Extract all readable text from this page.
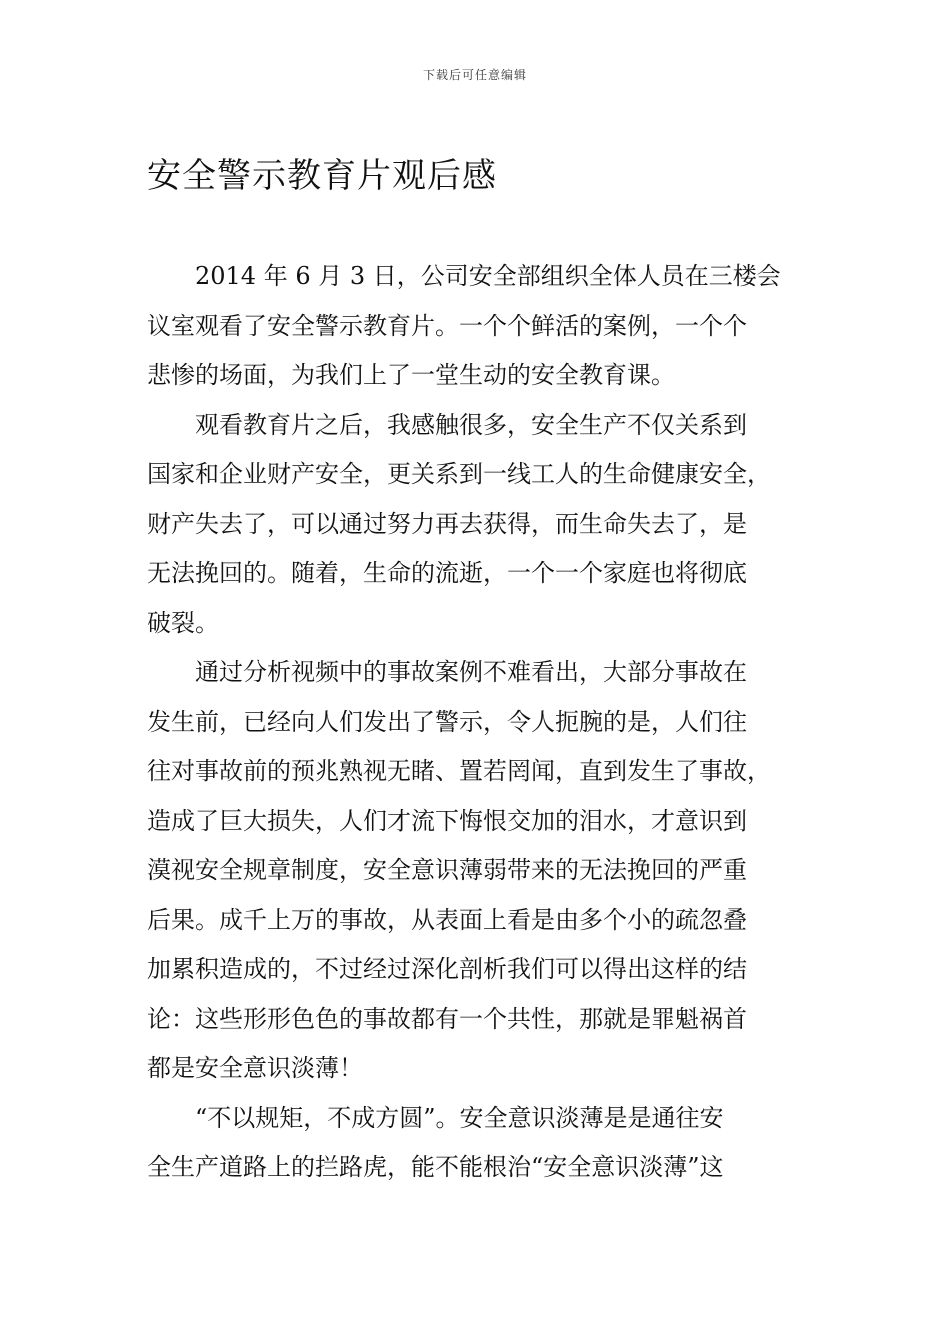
下载后可任意编辑
安全警示教育片观后感

2014 年 6 月 3 日，公司安全部组织全体人员在三楼会
议室观看了安全警示教育片。一个个鲜活的案例，一个个
悲惨的场面，为我们上了一堂生动的安全教育课。

观看教育片之后，我感触很多，安全生产不仅关系到
国家和企业财产安全，更关系到一线工人的生命健康安全，
财产失去了，可以通过努力再去获得，而生命失去了，是
无法挽回的。随着，生命的流逝，一个一个家庭也将彻底
破裂。

通过分析视频中的事故案例不难看出，大部分事故在
发生前，已经向人们发出了警示，令人扼腕的是，人们往
往对事故前的预兆熟视无睹、置若罔闻，直到发生了事故，
造成了巨大损失，人们才流下悔恨交加的泪水，才意识到
漠视安全规章制度，安全意识薄弱带来的无法挽回的严重
后果。成千上万的事故，从表面上看是由多个小的疏忽叠
加累积造成的，不过经过深化剖析我们可以得出这样的结
论：这些形形色色的事故都有一个共性，那就是罪魁祸首
都是安全意识淡薄！

“不以规矩，不成方圆”。安全意识淡薄是是通往安
全生产道路上的拦路虎，能不能根治“安全意识淡薄”这
